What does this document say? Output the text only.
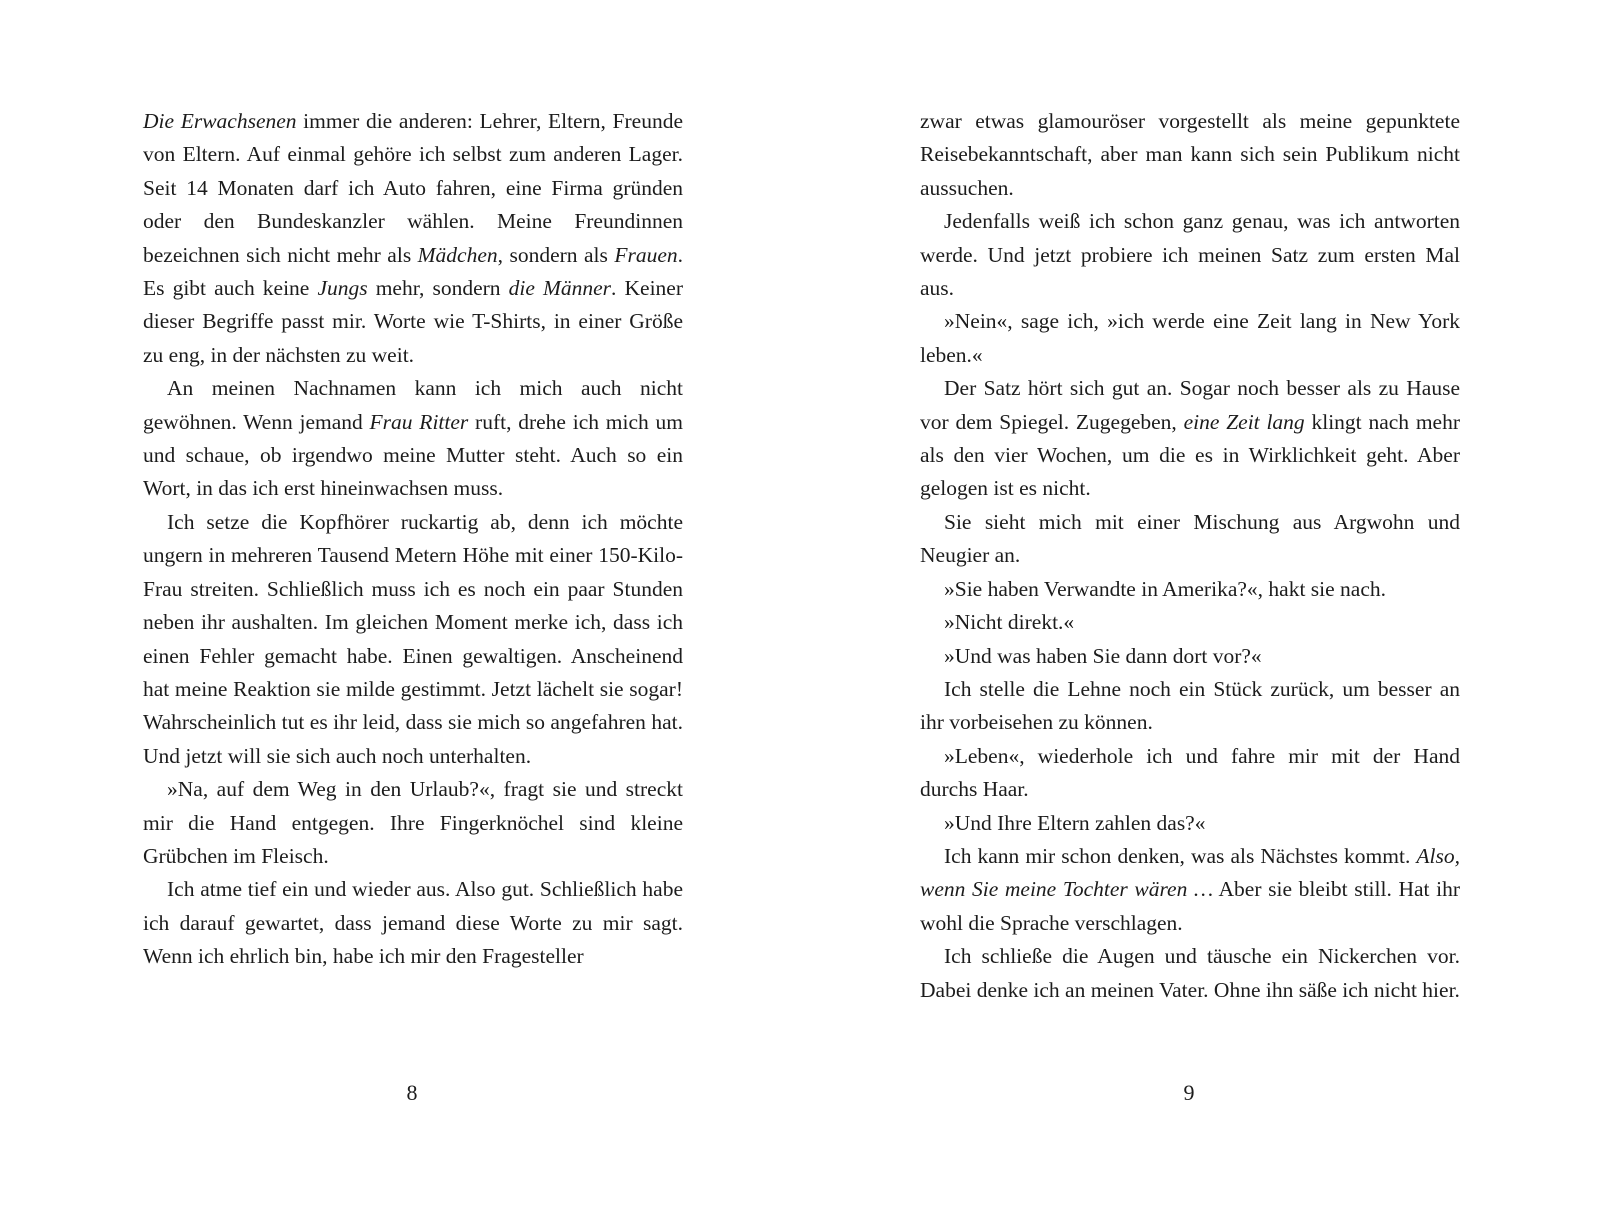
Die Erwachsenen immer die anderen: Lehrer, Eltern, Freunde von Eltern. Auf einmal gehöre ich selbst zum anderen Lager. Seit 14 Monaten darf ich Auto fahren, eine Firma gründen oder den Bundeskanzler wählen. Meine Freundinnen bezeichnen sich nicht mehr als Mädchen, sondern als Frauen. Es gibt auch keine Jungs mehr, sondern die Männer. Keiner dieser Begriffe passt mir. Worte wie T-Shirts, in einer Größe zu eng, in der nächsten zu weit.

An meinen Nachnamen kann ich mich auch nicht gewöhnen. Wenn jemand Frau Ritter ruft, drehe ich mich um und schaue, ob irgendwo meine Mutter steht. Auch so ein Wort, in das ich erst hineinwachsen muss.

Ich setze die Kopfhörer ruckartig ab, denn ich möchte ungern in mehreren Tausend Metern Höhe mit einer 150-Kilo-Frau streiten. Schließlich muss ich es noch ein paar Stunden neben ihr aushalten. Im gleichen Moment merke ich, dass ich einen Fehler gemacht habe. Einen gewaltigen. Anscheinend hat meine Reaktion sie milde gestimmt. Jetzt lächelt sie sogar! Wahrscheinlich tut es ihr leid, dass sie mich so angefahren hat. Und jetzt will sie sich auch noch unterhalten.

»Na, auf dem Weg in den Urlaub?«, fragt sie und streckt mir die Hand entgegen. Ihre Fingerknöchel sind kleine Grübchen im Fleisch.

Ich atme tief ein und wieder aus. Also gut. Schließlich habe ich darauf gewartet, dass jemand diese Worte zu mir sagt. Wenn ich ehrlich bin, habe ich mir den Fragesteller

zwar etwas glamouröser vorgestellt als meine gepunktete Reisebekanntschaft, aber man kann sich sein Publikum nicht aussuchen.

Jedenfalls weiß ich schon ganz genau, was ich antworten werde. Und jetzt probiere ich meinen Satz zum ersten Mal aus.

»Nein«, sage ich, »ich werde eine Zeit lang in New York leben.«

Der Satz hört sich gut an. Sogar noch besser als zu Hause vor dem Spiegel. Zugegeben, eine Zeit lang klingt nach mehr als den vier Wochen, um die es in Wirklichkeit geht. Aber gelogen ist es nicht.

Sie sieht mich mit einer Mischung aus Argwohn und Neugier an.

»Sie haben Verwandte in Amerika?«, hakt sie nach.

»Nicht direkt.«

»Und was haben Sie dann dort vor?«

Ich stelle die Lehne noch ein Stück zurück, um besser an ihr vorbeisehen zu können.

»Leben«, wiederhole ich und fahre mir mit der Hand durchs Haar.

»Und Ihre Eltern zahlen das?«

Ich kann mir schon denken, was als Nächstes kommt. Also, wenn Sie meine Tochter wären … Aber sie bleibt still. Hat ihr wohl die Sprache verschlagen.

Ich schließe die Augen und täusche ein Nickerchen vor. Dabei denke ich an meinen Vater. Ohne ihn säße ich nicht hier.

8	9
